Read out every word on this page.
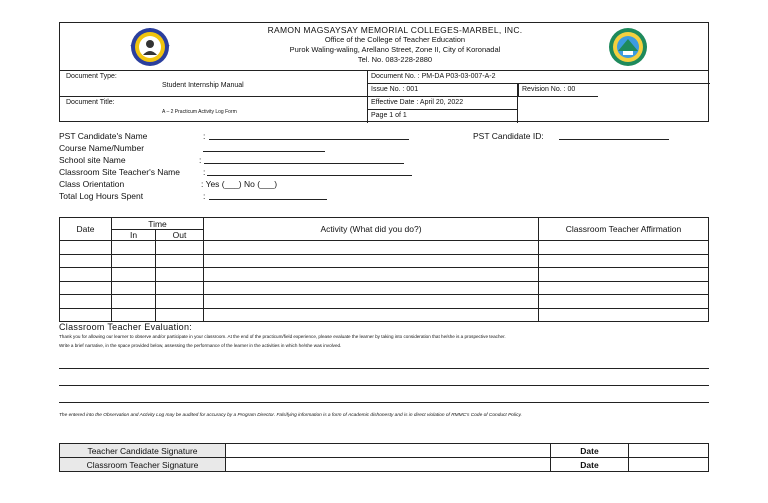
RAMON MAGSAYSAY MEMORIAL COLLEGES-MARBEL, INC.
Office of the College of Teacher Education
Purok Waling-waling, Arellano Street, Zone II, City of Koronadal
Tel. No. 083-228-2880
Document Type:
Student Internship Manual
Document Title:
A – 2 Practicum Activity Log Form
Document No. : PM-DA P03-03-007-A-2
Issue No. : 001	Revision No. : 00
Effective Date : April 20, 2022
Page 1 of 1
PST Candidate's Name	:	PST Candidate ID:
Course Name/Number
School site Name	:
Classroom Site Teacher's Name	:
Class Orientation	: Yes (___) No (___)
Total Log Hours Spent	:
Date	Time		Activity (What did you do?)	Classroom Teacher Affirmation
	In	Out		

Classroom Teacher Evaluation:
Thank you for allowing our learner to observe and/or participate in your classroom. At the end of the practicum/field experience, please evaluate the learner by taking into consideration that he/she is a prospective teacher.
Write a brief narrative, in the space provided below, assessing the performance of the learner in the activities in which he/she was involved.
The entered into the Observation and Activity Log may be audited for accuracy by a Program Director. Falsifying information is a form of Academic dishonesty and is in direct violation of RMMC's Code of Conduct Policy.
Teacher Candidate Signature		Date	
Classroom Teacher Signature		Date	
